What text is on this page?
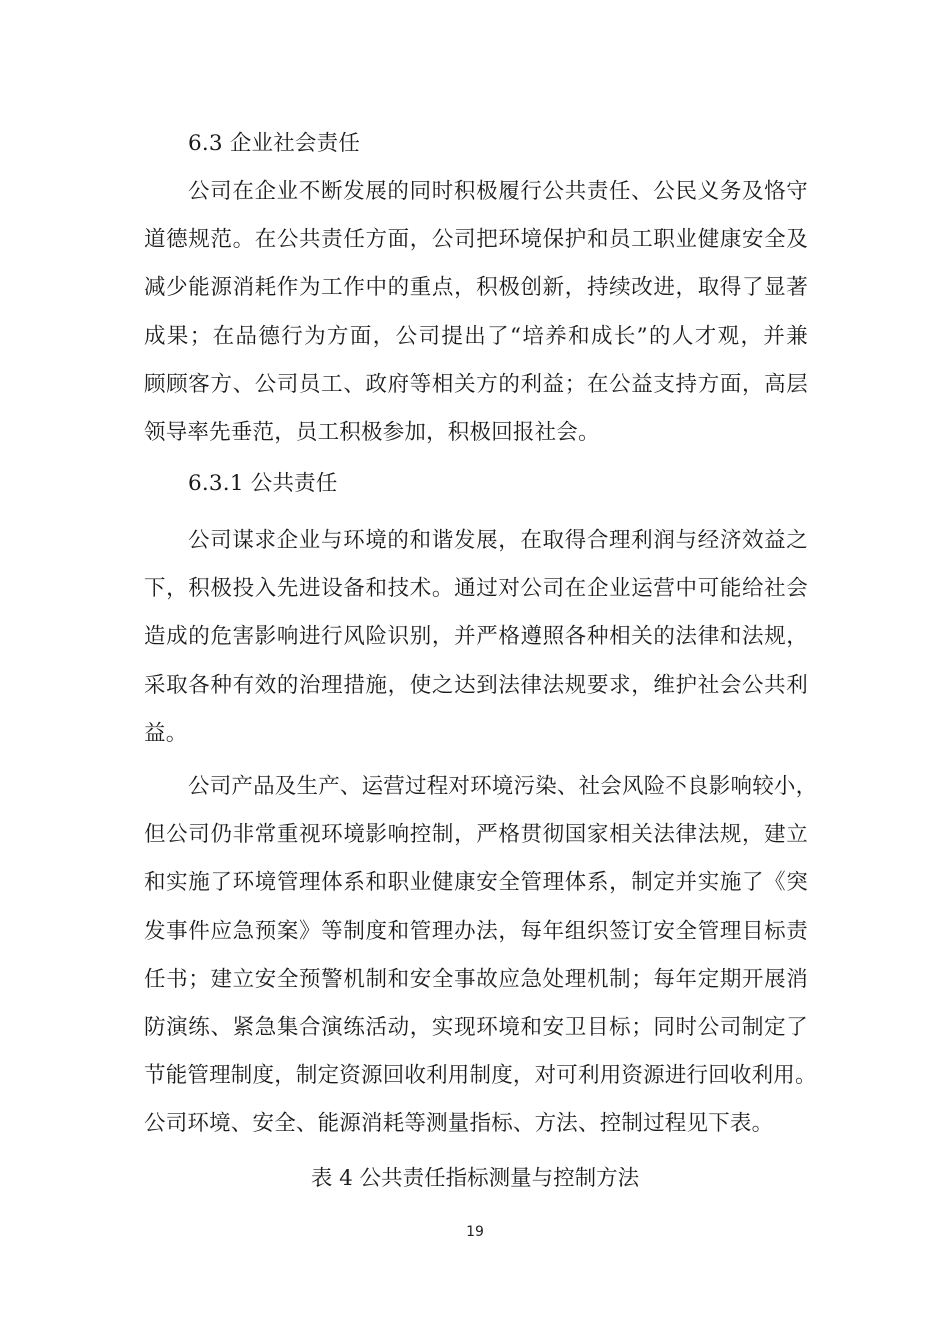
6.3 企业社会责任
公司在企业不断发展的同时积极履行公共责任、公民义务及恪守
道德规范。在公共责任方面，公司把环境保护和员工职业健康安全及
减少能源消耗作为工作中的重点，积极创新，持续改进，取得了显著
成果；在品德行为方面，公司提出了“培养和成长”的人才观，并兼
顾顾客方、公司员工、政府等相关方的利益；在公益支持方面，高层
领导率先垂范，员工积极参加，积极回报社会。
6.3.1 公共责任
公司谋求企业与环境的和谐发展，在取得合理利润与经济效益之
下，积极投入先进设备和技术。通过对公司在企业运营中可能给社会
造成的危害影响进行风险识别，并严格遵照各种相关的法律和法规，
采取各种有效的治理措施，使之达到法律法规要求，维护社会公共利
益。
公司产品及生产、运营过程对环境污染、社会风险不良影响较小，
但公司仍非常重视环境影响控制，严格贯彻国家相关法律法规，建立
和实施了环境管理体系和职业健康安全管理体系，制定并实施了《突
发事件应急预案》等制度和管理办法，每年组织签订安全管理目标责
任书；建立安全预警机制和安全事故应急处理机制；每年定期开展消
防演练、紧急集合演练活动，实现环境和安卫目标；同时公司制定了
节能管理制度，制定资源回收利用制度，对可利用资源进行回收利用。
公司环境、安全、能源消耗等测量指标、方法、控制过程见下表。
表 4 公共责任指标测量与控制方法
19
